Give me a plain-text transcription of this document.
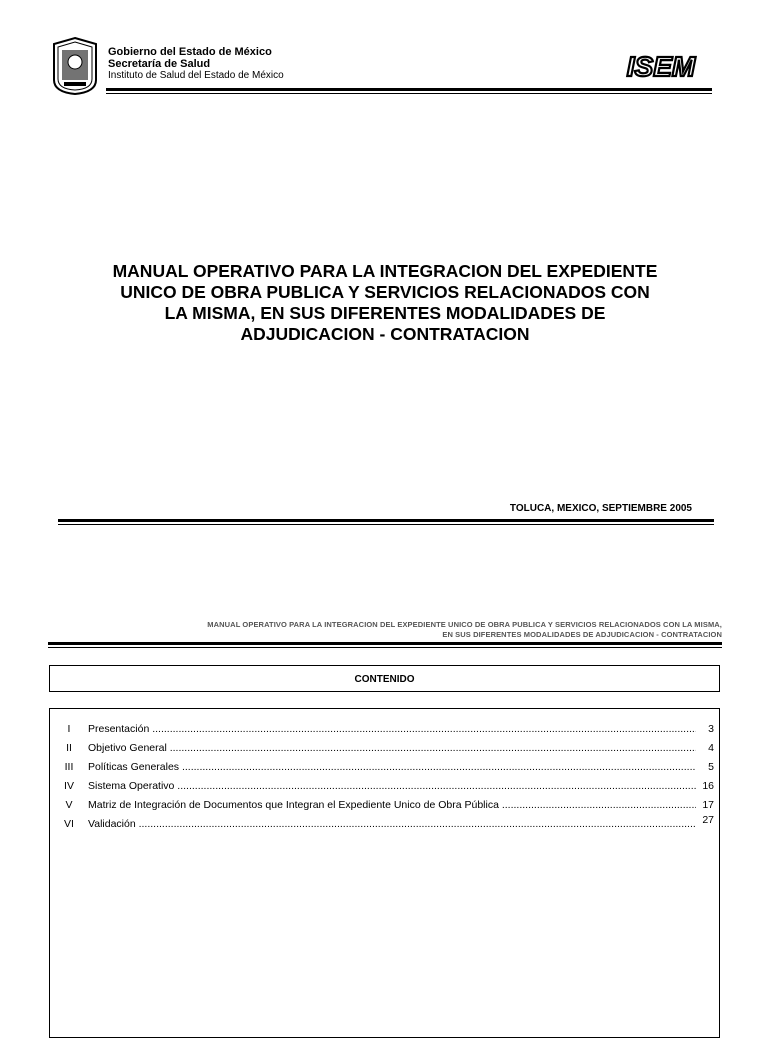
Gobierno del Estado de México
Secretaría de Salud
Instituto de Salud del Estado de México	ISEM
MANUAL OPERATIVO PARA LA INTEGRACION DEL EXPEDIENTE
UNICO DE OBRA PUBLICA Y SERVICIOS RELACIONADOS CON
LA MISMA, EN SUS DIFERENTES MODALIDADES DE
ADJUDICACION - CONTRATACION
TOLUCA, MEXICO, SEPTIEMBRE 2005
MANUAL OPERATIVO PARA LA INTEGRACION DEL EXPEDIENTE UNICO DE OBRA PUBLICA Y SERVICIOS RELACIONADOS CON LA MISMA,
EN SUS DIFERENTES MODALIDADES DE ADJUDICACION - CONTRATACION
CONTENIDO
I	Presentación .....	3
II	Objetivo General .....	4
III	Políticas Generales .....	5
IV	Sistema Operativo .....	16
V	Matriz de Integración de Documentos que Integran el Expediente Unico de Obra Pública .....	17
VI	Validación .....	27
